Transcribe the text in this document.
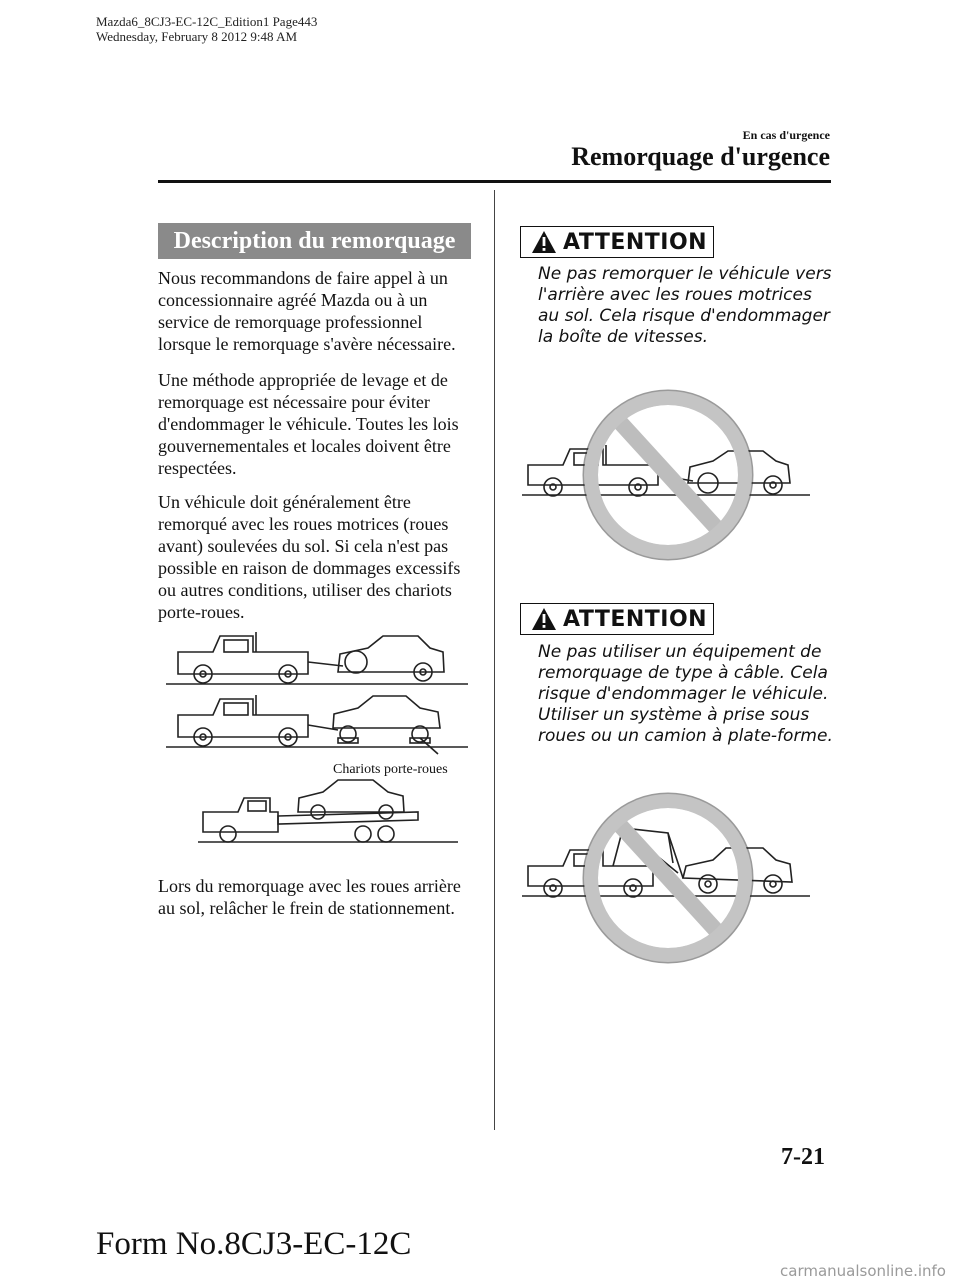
Mazda6_8CJ3-EC-12C_Edition1 Page443
Wednesday, February 8 2012 9:48 AM
En cas d'urgence
Remorquage d'urgence
Description du remorquage
Nous recommandons de faire appel à un concessionnaire agréé Mazda ou à un service de remorquage professionnel lorsque le remorquage s'avère nécessaire.
Une méthode appropriée de levage et de remorquage est nécessaire pour éviter d'endommager le véhicule. Toutes les lois gouvernementales et locales doivent être respectées.
Un véhicule doit généralement être remorqué avec les roues motrices (roues avant) soulevées du sol. Si cela n'est pas possible en raison de dommages excessifs ou autres conditions, utiliser des chariots porte-roues.
Chariots porte-roues
Lors du remorquage avec les roues arrière au sol, relâcher le frein de stationnement.
ATTENTION
Ne pas remorquer le véhicule vers l'arrière avec les roues motrices au sol. Cela risque d'endommager la boîte de vitesses.
ATTENTION
Ne pas utiliser un équipement de remorquage de type à câble. Cela risque d'endommager le véhicule. Utiliser un système à prise sous roues ou un camion à plate-forme.
7-21
Form No.8CJ3-EC-12C
carmanualsonline.info
